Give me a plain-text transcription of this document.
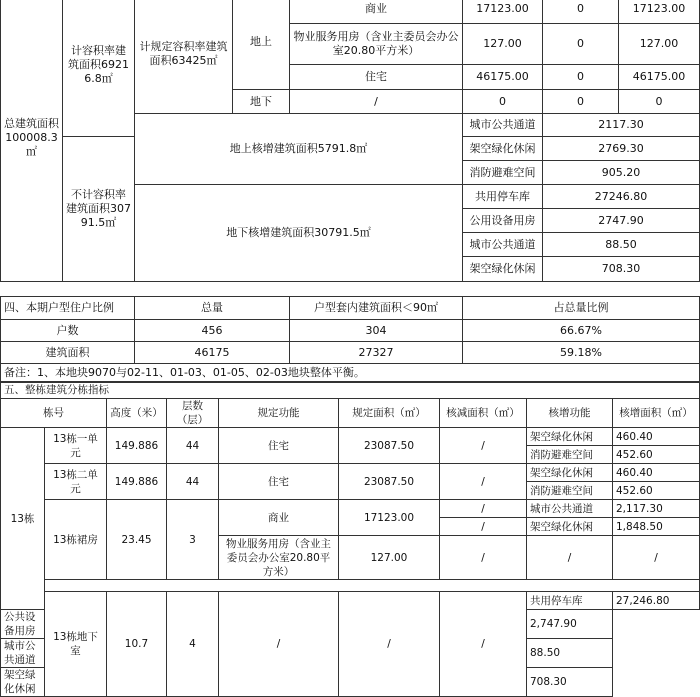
总建筑面积100008.3㎡	计容积率建筑面积69216.8㎡	计规定容积率建筑面积63425㎡	地上	商业	17123.00	0	17123.00
				物业服务用房（含业主委员会办公室20.80平方米）	127.00	0	127.00
				住宅	46175.00	0	46175.00
			地下	/	0	0	0
		地上核增建筑面积5791.8㎡			城市公共通道	2117.30	
	不计容积率建筑面积30791.5㎡				架空绿化休闲	2769.30	
					消防避难空间	905.20	
		地下核增建筑面积30791.5㎡			共用停车库	27246.80	
					公用设备用房	2747.90	
					城市公共通道	88.50	
					架空绿化休闲	708.30	
四、本期户型住户比例	总量	户型套内建筑面积＜90㎡	占总量比例
户数	456	304	66.67%
建筑面积	46175	27327	59.18%
备注：1、本地块9070与02-11、01-03、01-05、02-03地块整体平衡。			
五、整栋建筑分栋指标								
栋号		高度（米）	层数（层）	规定功能	规定面积（㎡）	核减面积（㎡）	核增功能	核增面积（㎡）
13栋	13栋一单元	149.886	44	住宅	23087.50	/	架空绿化休闲	460.40
							消防避难空间	452.60
	13栋二单元	149.886	44	住宅	23087.50	/	架空绿化休闲	460.40
							消防避难空间	452.60
	13栋裙房	23.45	3	商业	17123.00	/	城市公共通道	2,117.30
						/	架空绿化休闲	1,848.50
				物业服务用房（含业主委员会办公室20.80平方米）	127.00	/	/	/

	13栋地下室	10.7	4	/	/	/	共用停车库	27,246.80
公共设备用房							2,747.90	
城市公共通道							88.50	
架空绿化休闲							708.30	
